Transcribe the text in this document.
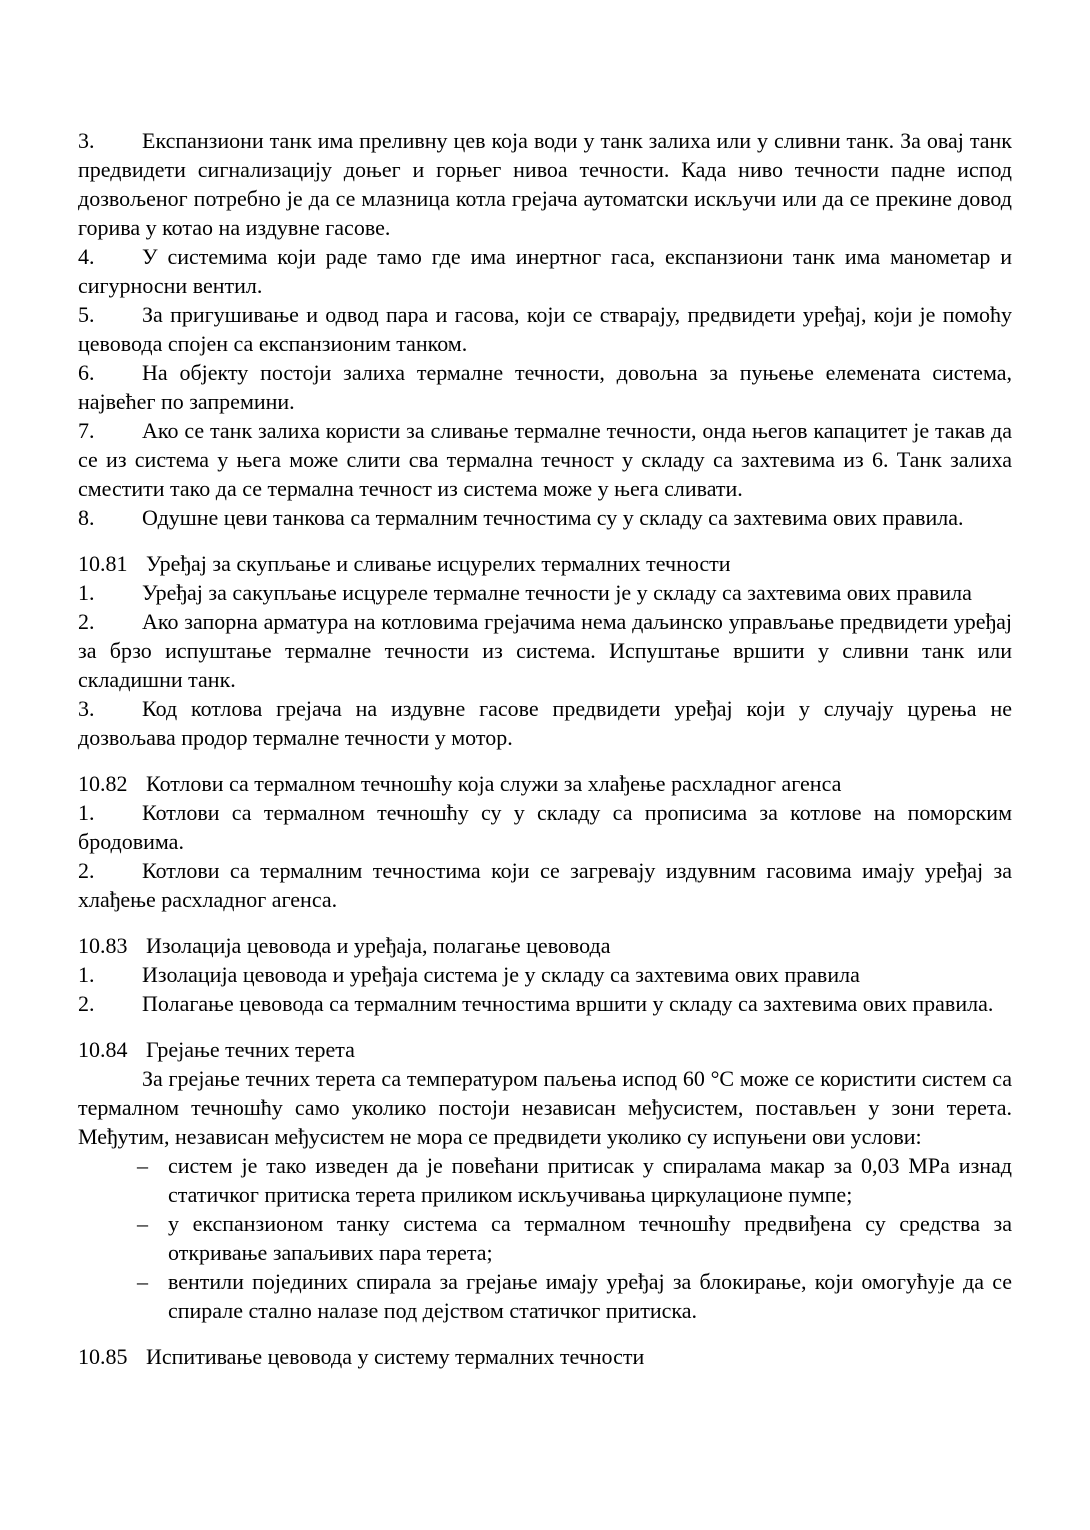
3. Експанзиони танк има преливну цев која води у танк залиха или у сливни танк. За овај танк предвидети сигнализацију доњег и горњег нивоа течности. Када ниво течности падне испод дозвољеног потребно је да се млазница котла грејача аутоматски искључи или да се прекине довод горива у котао на издувне гасове.

4. У системима који раде тамо где има инертног гаса, експанзиони танк има манометар и сигурносни вентил.

5. За пригушивање и одвод пара и гасова, који се стварају, предвидети уређај, који је помоћу цевовода спојен са експанзионим танком.

6. На објекту постоји залиха термалне течности, довољна за пуњење елемената система, највећег по запремини.

7. Ако се танк залиха користи за сливање термалне течности, онда његов капацитет је такав да се из система у њега може слити сва термална течност у складу са захтевима из 6. Танк залиха сместити тако да се термална течност из система може у њега сливати.

8. Одушне цеви танкова са термалним течностима су у складу са захтевима ових правила.

10.81 Уређај за скупљање и сливање исцурелих термалних течности

1. Уређај за сакупљање исцуреле термалне течности је у складу са захтевима ових правила

2. Ако запорна арматура на котловима грејачима нема даљинско управљање предвидети уређај за брзо испуштање термалне течности из система. Испуштање вршити у сливни танк или складишни танк.

3. Код котлова грејача на издувне гасове предвидети уређај који у случају цурења не дозвољава продор термалне течности у мотор.

10.82 Котлови са термалном течношћу која служи за хлађење расхладног агенса

1. Котлови са термалном течношћу су у складу са прописима за котлове на поморским бродовима.

2. Котлови са термалним течностима који се загревају издувним гасовима имају уређај за хлађење расхладног агенса.

10.83 Изолација цевовода и уређаја, полагање цевовода

1. Изолација цевовода и уређаја система је у складу са захтевима ових правила

2. Полагање цевовода са термалним течностима вршити у складу са захтевима ових правила.

10.84 Грејање течних терета

За грејање течних терета са температуром паљења испод 60 °C може се користити систем са термалном течношћу само уколико постоји независан међусистем, постављен у зони терета. Међутим, независан међусистем не мора се предвидети уколико су испуњени ови услови:

– систем је тако изведен да је повећани притисак у спиралама макар за 0,03 MPa изнад статичког притиска терета приликом искључивања циркулационе пумпе;
– у експанзионом танку система са термалном течношћу предвиђена су средства за откривање запаљивих пара терета;
– вентили појединих спирала за грејање имају уређај за блокирање, који омогућује да се спирале стално налазе под дејством статичког притиска.
10.85 Испитивање цевовода у систему термалних течности
